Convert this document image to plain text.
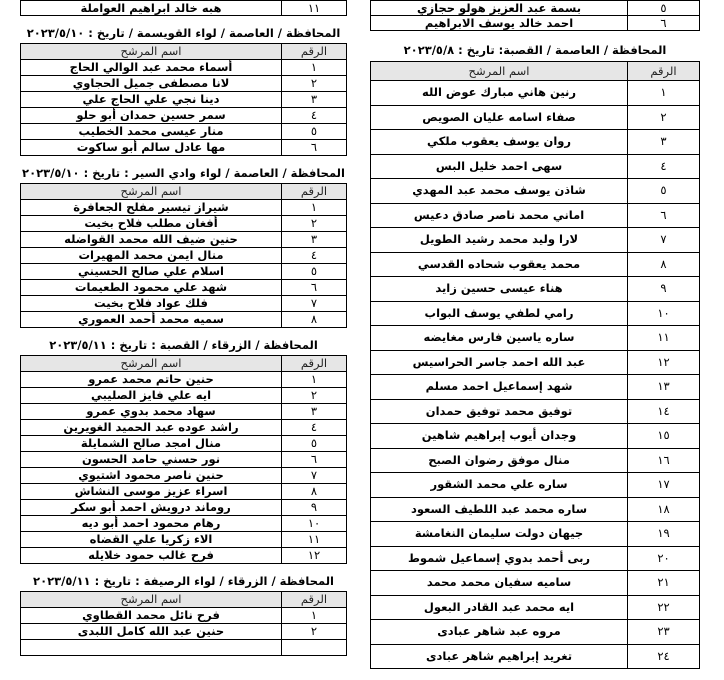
١١	هبه خالد ابراهيم العواملة
المحافظة / العاصمة / لواء القويسمة / تاريخ : ٢٠٢٣/٥/١٠
الرقم	اسم المرشح
١	أسماء محمد عبد الوالي الحاج
٢	لانا مصطفى جميل الحجاوي
٣	دينا نجي علي الحاج علي
٤	سمر حسين حمدان أبو حلو
٥	منار عيسى محمد الخطيب
٦	مها عادل سالم أبو ساكوت
المحافظة / العاصمة / لواء وادي السير : تاريخ : ٢٠٢٣/٥/١٠
الرقم	اسم المرشح
١	شيراز تيسير مفلح الجعافرة
٢	أفغان مطلب فلاح بخيت
٣	حنين ضيف الله محمد القواضله
٤	منال ايمن محمد المهيرات
٥	اسلام علي صالح الحسيني
٦	شهد علي محمود الطعيمات
٧	فلك عواد فلاح بخيت
٨	سميه محمد أحمد العموري
المحافظة / الزرقاء / القصبة : تاريخ : ٢٠٢٣/٥/١١
الرقم	اسم المرشح
١	حنين حاتم محمد عمرو
٢	ايه علي فايز الصليبي
٣	سهاد محمد بدوي عمرو
٤	راشد عوده عبد الحميد الغويرين
٥	منال امجد صالح الشمايلة
٦	نور حسني حامد الحسون
٧	حنين ناصر محمود اشتيوي
٨	اسراء عزيز موسى النشاش
٩	روماند درويش احمد أبو سكر
١٠	رهام محمود احمد أبو ديه
١١	الاء زكريا علي القضاه
١٢	فرح غالب حمود خلايله
المحافظة / الزرقاء / لواء الرصيفة : تاريخ : ٢٠٢٣/٥/١١
الرقم	اسم المرشح
١	فرح نائل محمد القطاوي
٢	حنين عبد الله كامل اللبدى

٥	بسمة عبد العزيز هولو حجازي
٦	احمد خالد يوسف الابراهيم
المحافظة / العاصمة / القصبة: تاريخ : ٢٠٢٣/٥/٨
الرقم	اسم المرشح
١	رنين هاني مبارك عوض الله
٢	صفاء اسامه عليان الصويص
٣	روان يوسف يعقوب ملكي
٤	سهى احمد خليل البس
٥	شاذن يوسف محمد عبد المهدي
٦	اماني محمد ناصر صادق دعيس
٧	لارا وليد محمد رشيد الطويل
٨	محمد يعقوب شحاده القدسي
٩	هناء عيسى حسين زايد
١٠	رامي لطفي يوسف البواب
١١	ساره ياسين فارس مغايضه
١٢	عبد الله احمد جاسر الحراسيس
١٣	شهد إسماعيل احمد مسلم
١٤	توفيق محمد توفيق حمدان
١٥	وجدان أيوب إبراهيم شاهين
١٦	منال موفق رضوان الصبح
١٧	ساره علي محمد الشقور
١٨	ساره محمد عبد اللطيف السعود
١٩	جيهان دولت سليمان النغامشة
٢٠	ربى أحمد بدوي إسماعيل شموط
٢١	ساميه سفيان محمد محمد
٢٢	ايه محمد عبد القادر البعول
٢٣	مروه عبد شاهر عبادى
٢٤	تغريد إبراهيم شاهر عبادى
